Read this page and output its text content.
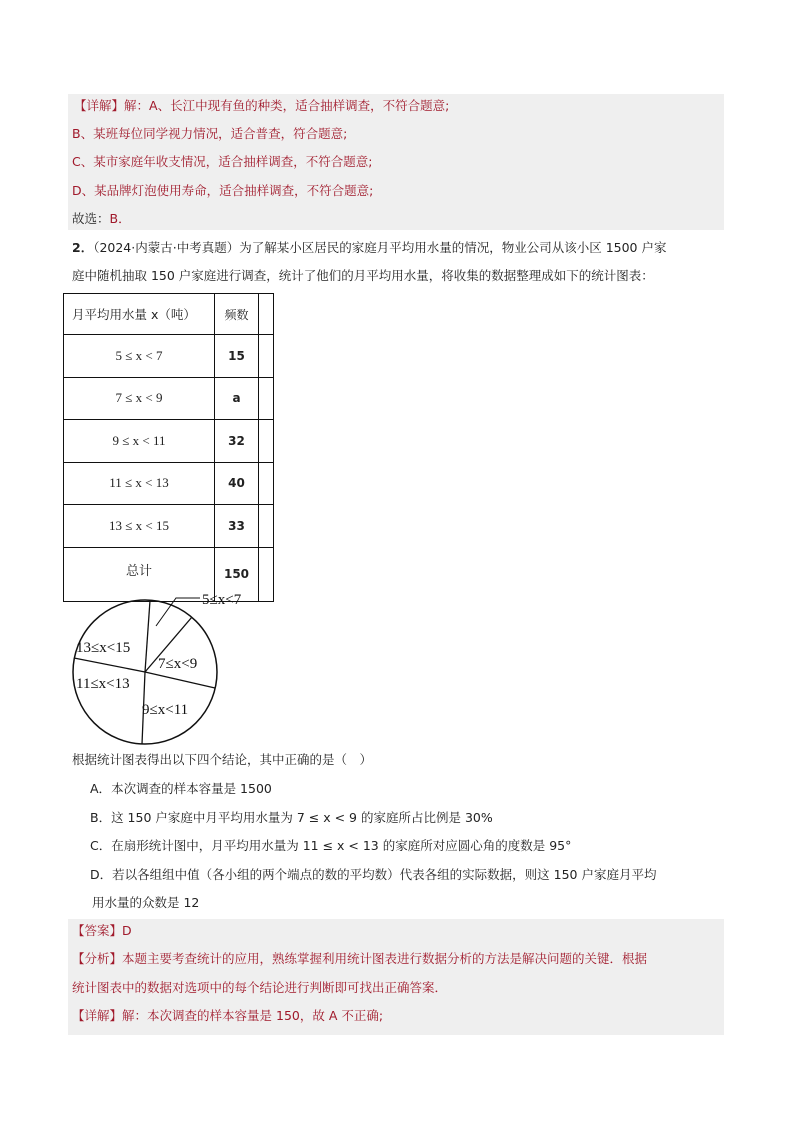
【详解】解：A、长江中现有鱼的种类，适合抽样调查，不符合题意;
B、某班每位同学视力情况，适合普查，符合题意;
C、某市家庭年收支情况，适合抽样调查，不符合题意;
D、某品牌灯泡使用寿命，适合抽样调查，不符合题意;
故选：B．
2．（2024·内蒙古·中考真题）为了解某小区居民的家庭月平均用水量的情况，物业公司从该小区 1500 户家
庭中随机抽取 150 户家庭进行调查，统计了他们的月平均用水量，将收集的数据整理成如下的统计图表：
月平均用水量 x（吨）	频数	
5 ≤ x < 7	15	
7 ≤ x < 9	a	
9 ≤ x < 11	32	
11 ≤ x < 13	40	
13 ≤ x < 15	33	
总计	150	
5≤x<7
7≤x<9
9≤x<11
11≤x<13
13≤x<15
根据统计图表得出以下四个结论，其中正确的是（　）
A．本次调查的样本容量是 1500
B．这 150 户家庭中月平均用水量为 7 ≤ x < 9 的家庭所占比例是 30%
C．在扇形统计图中，月平均用水量为 11 ≤ x < 13 的家庭所对应圆心角的度数是 95°
D．若以各组组中值（各小组的两个端点的数的平均数）代表各组的实际数据，则这 150 户家庭月平均
用水量的众数是 12
【答案】D
【分析】本题主要考查统计的应用，熟练掌握利用统计图表进行数据分析的方法是解决问题的关键．根据
统计图表中的数据对选项中的每个结论进行判断即可找出正确答案．
【详解】解：本次调查的样本容量是 150，故 A 不正确;
